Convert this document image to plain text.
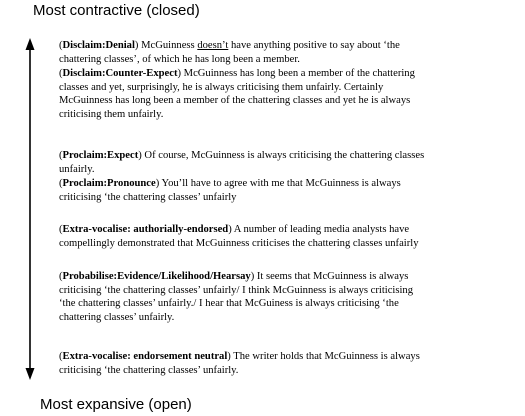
Most contractive (closed)
(Disclaim:Denial) McGuinness doesn’t have anything positive to say about ‘the
chattering classes’, of which he has long been a member.
(Disclaim:Counter-Expect) McGuinness has long been a member of the chattering
classes and yet, surprisingly, he is always criticising them unfairly. Certainly
McGuinness has long been a member of the chattering classes and yet he is always
criticising them unfairly.
(Proclaim:Expect) Of course, McGuinness is always criticising the chattering classes
unfairly.
(Proclaim:Pronounce) You’ll have to agree with me that McGuinness is always
criticising ‘the chattering classes’ unfairly
(Extra-vocalise: authorially-endorsed) A number of leading media analysts have
compellingly demonstrated that McGuinness criticises the chattering classes unfairly
(Probabilise:Evidence/Likelihood/Hearsay) It seems that McGuinness is always
criticising ‘the chattering classes’ unfairly/ I think McGuinness is always criticising
‘the chattering classes’ unfairly./ I hear that McGuiness is always criticising ‘the
chattering classes’ unfairly.
(Extra-vocalise: endorsement neutral) The writer holds that McGuinness is always
criticising ‘the chattering classes’ unfairly.
Most expansive (open)
